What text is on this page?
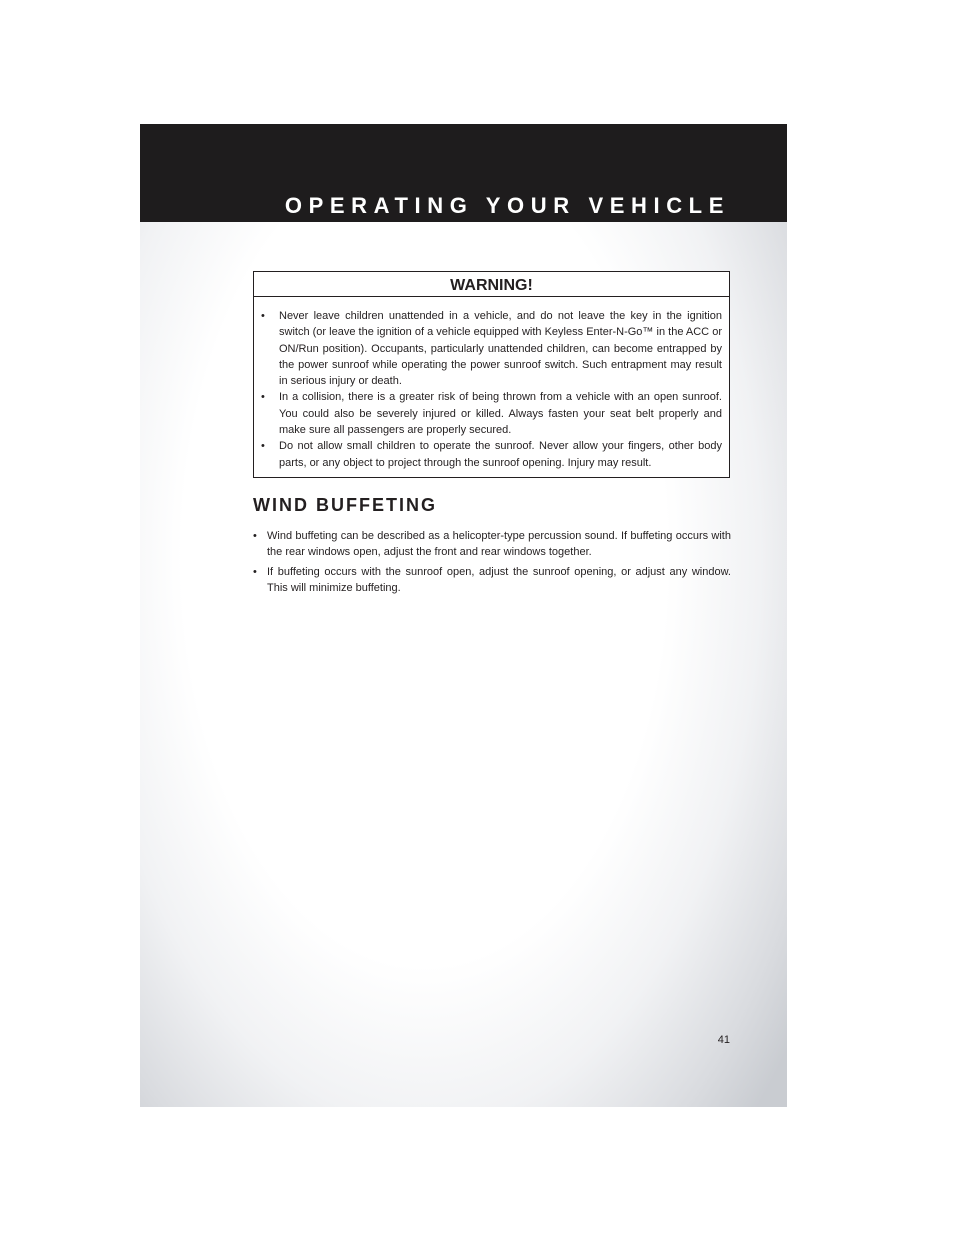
OPERATING YOUR VEHICLE
WARNING!
• Never leave children unattended in a vehicle, and do not leave the key in the ignition switch (or leave the ignition of a vehicle equipped with Keyless Enter-N-Go™ in the ACC or ON/Run position). Occupants, particularly unattended children, can become entrapped by the power sunroof while operating the power sunroof switch. Such entrapment may result in serious injury or death.
• In a collision, there is a greater risk of being thrown from a vehicle with an open sunroof. You could also be severely injured or killed. Always fasten your seat belt properly and make sure all passengers are properly secured.
• Do not allow small children to operate the sunroof. Never allow your fingers, other body parts, or any object to project through the sunroof opening. Injury may result.
WIND BUFFETING
• Wind buffeting can be described as a helicopter-type percussion sound. If buffeting occurs with the rear windows open, adjust the front and rear windows together.
• If buffeting occurs with the sunroof open, adjust the sunroof opening, or adjust any window. This will minimize buffeting.
41
